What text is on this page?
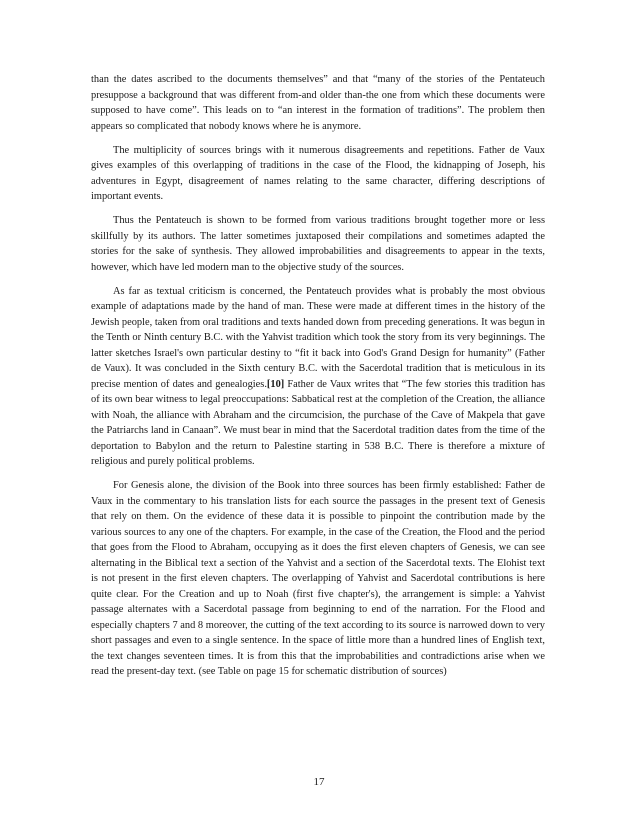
than the dates ascribed to the documents themselves” and that “many of the stories of the Pentateuch presuppose a background that was different from-and older than-the one from which these documents were supposed to have come”. This leads on to “an interest in the formation of traditions”. The problem then appears so complicated that nobody knows where he is anymore.

The multiplicity of sources brings with it numerous disagreements and repetitions. Father de Vaux gives examples of this overlapping of traditions in the case of the Flood, the kidnapping of Joseph, his adventures in Egypt, disagreement of names relating to the same character, differing descriptions of important events.

Thus the Pentateuch is shown to be formed from various traditions brought together more or less skillfully by its authors. The latter sometimes juxtaposed their compilations and sometimes adapted the stories for the sake of synthesis. They allowed improbabilities and disagreements to appear in the texts, however, which have led modern man to the objective study of the sources.

As far as textual criticism is concerned, the Pentateuch provides what is probably the most obvious example of adaptations made by the hand of man. These were made at different times in the history of the Jewish people, taken from oral traditions and texts handed down from preceding generations. It was begun in the Tenth or Ninth century B.C. with the Yahvist tradition which took the story from its very beginnings. The latter sketches Israel's own particular destiny to “fit it back into God's Grand Design for humanity” (Father de Vaux). It was concluded in the Sixth century B.C. with the Sacerdotal tradition that is meticulous in its precise mention of dates and genealogies.[10] Father de Vaux writes that “The few stories this tradition has of its own bear witness to legal preoccupations: Sabbatical rest at the completion of the Creation, the alliance with Noah, the alliance with Abraham and the circumcision, the purchase of the Cave of Makpela that gave the Patriarchs land in Canaan”. We must bear in mind that the Sacerdotal tradition dates from the time of the deportation to Babylon and the return to Palestine starting in 538 B.C. There is therefore a mixture of religious and purely political problems.

For Genesis alone, the division of the Book into three sources has been firmly established: Father de Vaux in the commentary to his translation lists for each source the passages in the present text of Genesis that rely on them. On the evidence of these data it is possible to pinpoint the contribution made by the various sources to any one of the chapters. For example, in the case of the Creation, the Flood and the period that goes from the Flood to Abraham, occupying as it does the first eleven chapters of Genesis, we can see alternating in the Biblical text a section of the Yahvist and a section of the Sacerdotal texts. The Elohist text is not present in the first eleven chapters. The overlapping of Yahvist and Sacerdotal contributions is here quite clear. For the Creation and up to Noah (first five chapter's), the arrangement is simple: a Yahvist passage alternates with a Sacerdotal passage from beginning to end of the narration. For the Flood and especially chapters 7 and 8 moreover, the cutting of the text according to its source is narrowed down to very short passages and even to a single sentence. In the space of little more than a hundred lines of English text, the text changes seventeen times. It is from this that the improbabilities and contradictions arise when we read the present-day text. (see Table on page 15 for schematic distribution of sources)

17
